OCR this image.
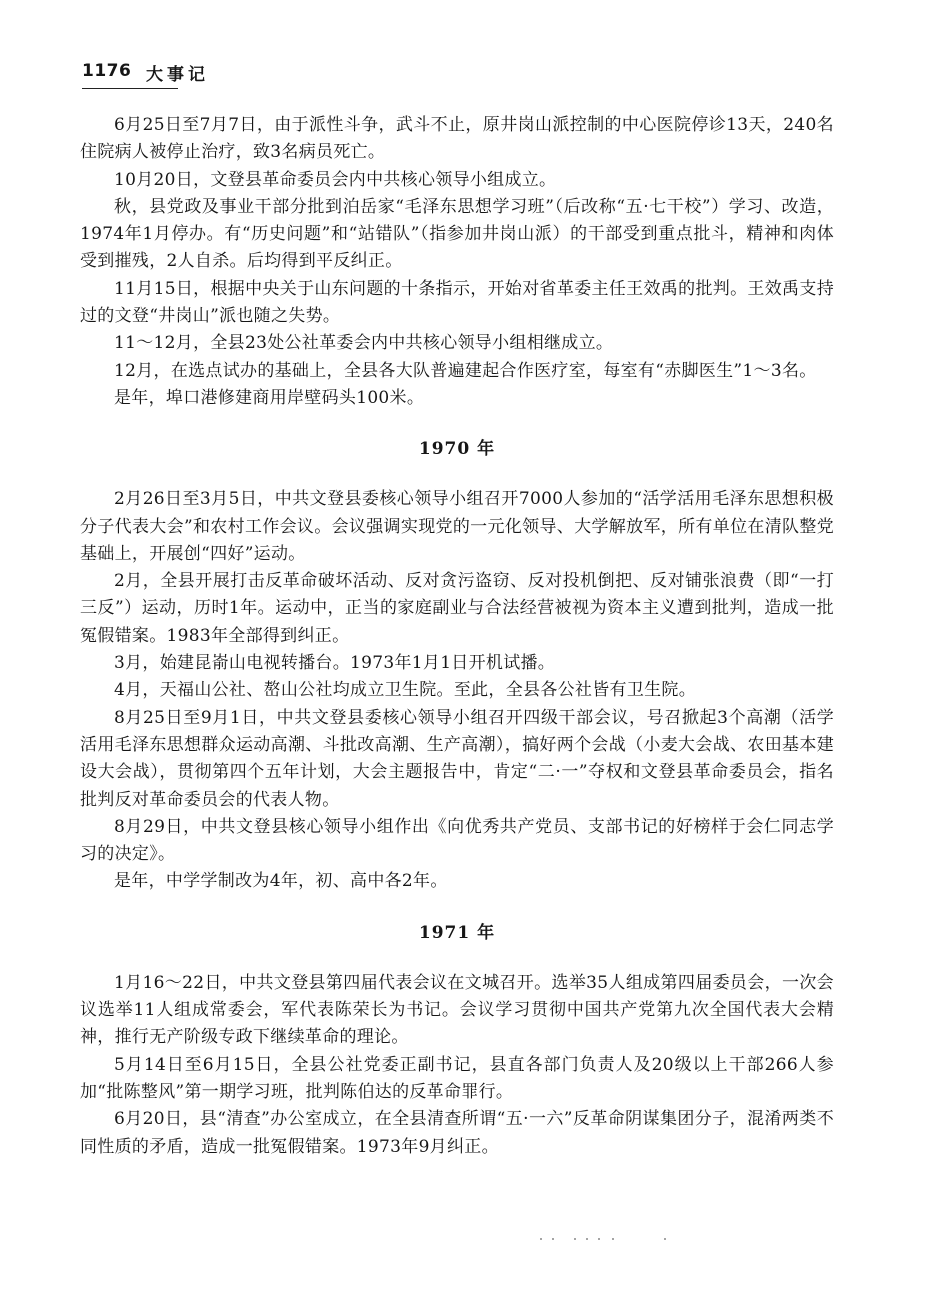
1176 大事记

6月25日至7月7日，由于派性斗争，武斗不止，原井岗山派控制的中心医院停诊13天，240名住院病人被停止治疗，致3名病员死亡。

10月20日，文登县革命委员会内中共核心领导小组成立。

秋，县党政及事业干部分批到泊岳家“毛泽东思想学习班”（后改称“五·七干校”）学习、改造，1974年1月停办。有“历史问题”和“站错队”（指参加井岗山派）的干部受到重点批斗，精神和肉体受到摧残，2人自杀。后均得到平反纠正。

11月15日，根据中央关于山东问题的十条指示，开始对省革委主任王效禹的批判。王效禹支持过的文登“井岗山”派也随之失势。

11～12月，全县23处公社革委会内中共核心领导小组相继成立。

12月，在选点试办的基础上，全县各大队普遍建起合作医疗室，每室有“赤脚医生”1～3名。

是年，埠口港修建商用岸壁码头100米。

1970 年

2月26日至3月5日，中共文登县委核心领导小组召开7000人参加的“活学活用毛泽东思想积极分子代表大会”和农村工作会议。会议强调实现党的一元化领导、大学解放军，所有单位在清队整党基础上，开展创“四好”运动。

2月，全县开展打击反革命破坏活动、反对贪污盗窃、反对投机倒把、反对铺张浪费（即“一打三反”）运动，历时1年。运动中，正当的家庭副业与合法经营被视为资本主义遭到批判，造成一批冤假错案。1983年全部得到纠正。

3月，始建昆嵛山电视转播台。1973年1月1日开机试播。

4月，天福山公社、嶅山公社均成立卫生院。至此，全县各公社皆有卫生院。

8月25日至9月1日，中共文登县委核心领导小组召开四级干部会议，号召掀起3个高潮（活学活用毛泽东思想群众运动高潮、斗批改高潮、生产高潮），搞好两个会战（小麦大会战、农田基本建设大会战），贯彻第四个五年计划，大会主题报告中，肯定“二·一”夺权和文登县革命委员会，指名批判反对革命委员会的代表人物。

8月29日，中共文登县核心领导小组作出《向优秀共产党员、支部书记的好榜样于会仁同志学习的决定》。

是年，中学学制改为4年，初、高中各2年。

1971 年

1月16～22日，中共文登县第四届代表会议在文城召开。选举35人组成第四届委员会，一次会议选举11人组成常委会，军代表陈荣长为书记。会议学习贯彻中国共产党第九次全国代表大会精神，推行无产阶级专政下继续革命的理论。

5月14日至6月15日，全县公社党委正副书记，县直各部门负责人及20级以上干部266人参加“批陈整风”第一期学习班，批判陈伯达的反革命罪行。

6月20日，县“清查”办公室成立，在全县清查所谓“五·一六”反革命阴谋集团分子，混淆两类不同性质的矛盾，造成一批冤假错案。1973年9月纠正。
